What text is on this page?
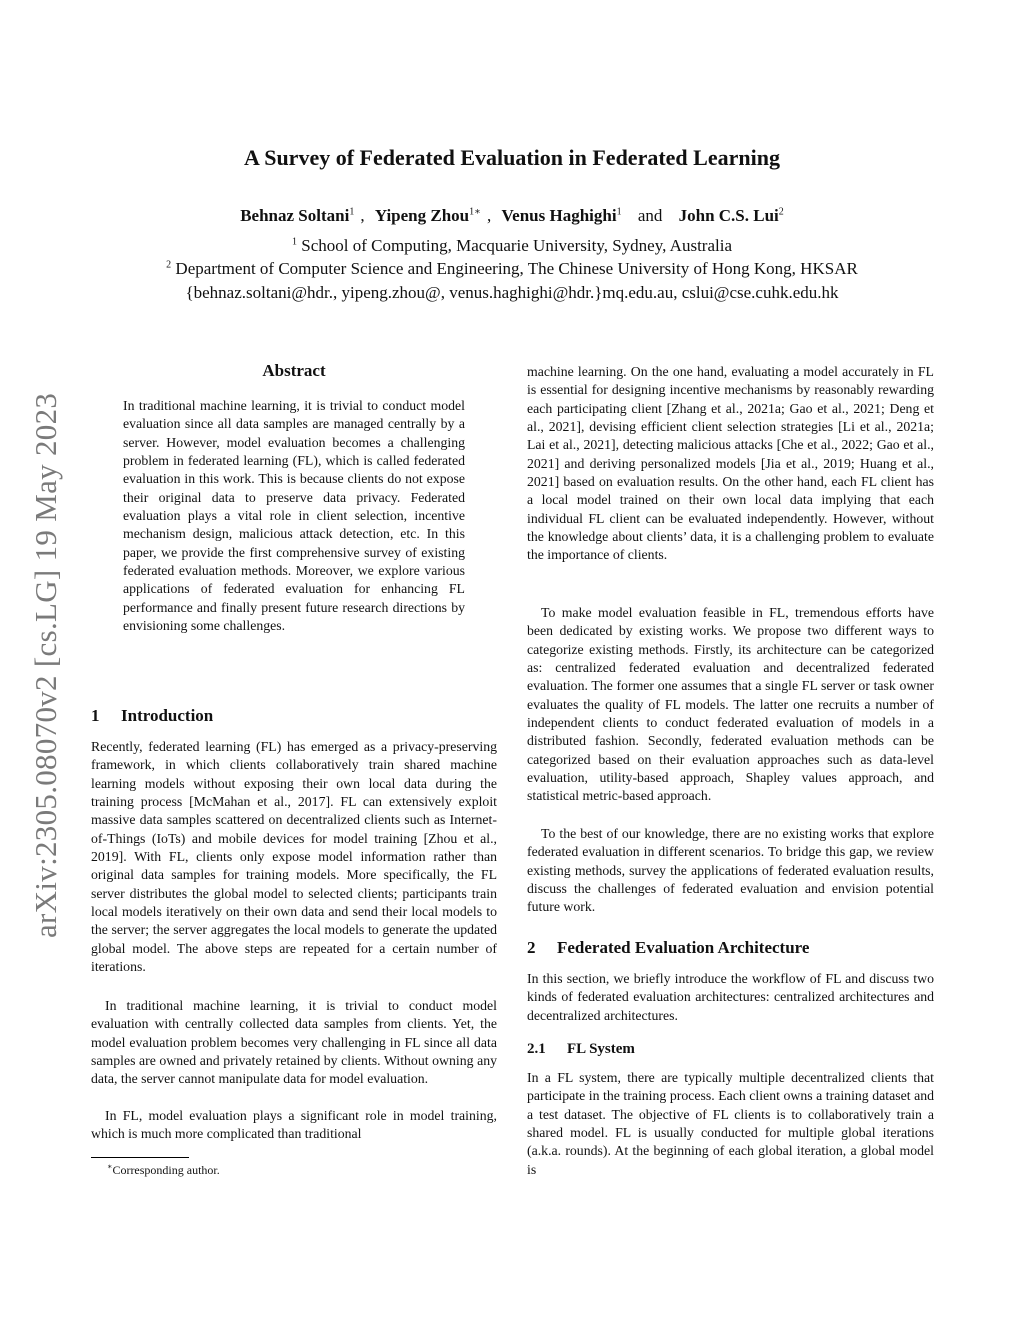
arXiv:2305.08070v2 [cs.LG] 19 May 2023
A Survey of Federated Evaluation in Federated Learning
Behnaz Soltani$^1$ , Yipeng Zhou$^{1∗}$ , Venus Haghighi$^1$ and John C.S. Lui$^2$
$^1$ School of Computing, Macquarie University, Sydney, Australia
$^2$ Department of Computer Science and Engineering, The Chinese University of Hong Kong, HKSAR
{behnaz.soltani@hdr., yipeng.zhou@, venus.haghighi@hdr.}mq.edu.au, cslui@cse.cuhk.edu.hk
Abstract

In traditional machine learning, it is trivial to conduct model evaluation since all data samples are managed centrally by a server. However, model evaluation becomes a challenging problem in federated learning (FL), which is called federated evaluation in this work. This is because clients do not expose their original data to preserve data privacy. Federated evaluation plays a vital role in client selection, incentive mechanism design, malicious attack detection, etc. In this paper, we provide the first comprehensive survey of existing federated evaluation methods. Moreover, we explore various applications of federated evaluation for enhancing FL performance and finally present future research directions by envisioning some challenges.

1 Introduction

Recently, federated learning (FL) has emerged as a privacy-preserving framework, in which clients collaboratively train shared machine learning models without exposing their own local data during the training process [McMahan et al., 2017]. FL can extensively exploit massive data samples scattered on decentralized clients such as Internet-of-Things (IoTs) and mobile devices for model training [Zhou et al., 2019]. With FL, clients only expose model information rather than original data samples for training models. More specifically, the FL server distributes the global model to selected clients; participants train local models iteratively on their own data and send their local models to the server; the server aggregates the local models to generate the updated global model. The above steps are repeated for a certain number of iterations.

In traditional machine learning, it is trivial to conduct model evaluation with centrally collected data samples from clients. Yet, the model evaluation problem becomes very challenging in FL since all data samples are owned and privately retained by clients. Without owning any data, the server cannot manipulate data for model evaluation.

In FL, model evaluation plays a significant role in model training, which is much more complicated than traditional

∗Corresponding author.

machine learning. On the one hand, evaluating a model accurately in FL is essential for designing incentive mechanisms by reasonably rewarding each participating client [Zhang et al., 2021a; Gao et al., 2021; Deng et al., 2021], devising efficient client selection strategies [Li et al., 2021a; Lai et al., 2021], detecting malicious attacks [Che et al., 2022; Gao et al., 2021] and deriving personalized models [Jia et al., 2019; Huang et al., 2021] based on evaluation results. On the other hand, each FL client has a local model trained on their own local data implying that each individual FL client can be evaluated independently. However, without the knowledge about clients’ data, it is a challenging problem to evaluate the importance of clients.

To make model evaluation feasible in FL, tremendous efforts have been dedicated by existing works. We propose two different ways to categorize existing methods. Firstly, its architecture can be categorized as: centralized federated evaluation and decentralized federated evaluation. The former one assumes that a single FL server or task owner evaluates the quality of FL models. The latter one recruits a number of independent clients to conduct federated evaluation of models in a distributed fashion. Secondly, federated evaluation methods can be categorized based on their evaluation approaches such as data-level evaluation, utility-based approach, Shapley values approach, and statistical metric-based approach.

To the best of our knowledge, there are no existing works that explore federated evaluation in different scenarios. To bridge this gap, we review existing methods, survey the applications of federated evaluation results, discuss the challenges of federated evaluation and envision potential future work.

2 Federated Evaluation Architecture

In this section, we briefly introduce the workflow of FL and discuss two kinds of federated evaluation architectures: centralized architectures and decentralized architectures.

2.1 FL System

In a FL system, there are typically multiple decentralized clients that participate in the training process. Each client owns a training dataset and a test dataset. The objective of FL clients is to collaboratively train a shared model. FL is usually conducted for multiple global iterations (a.k.a. rounds). At the beginning of each global iteration, a global model is
